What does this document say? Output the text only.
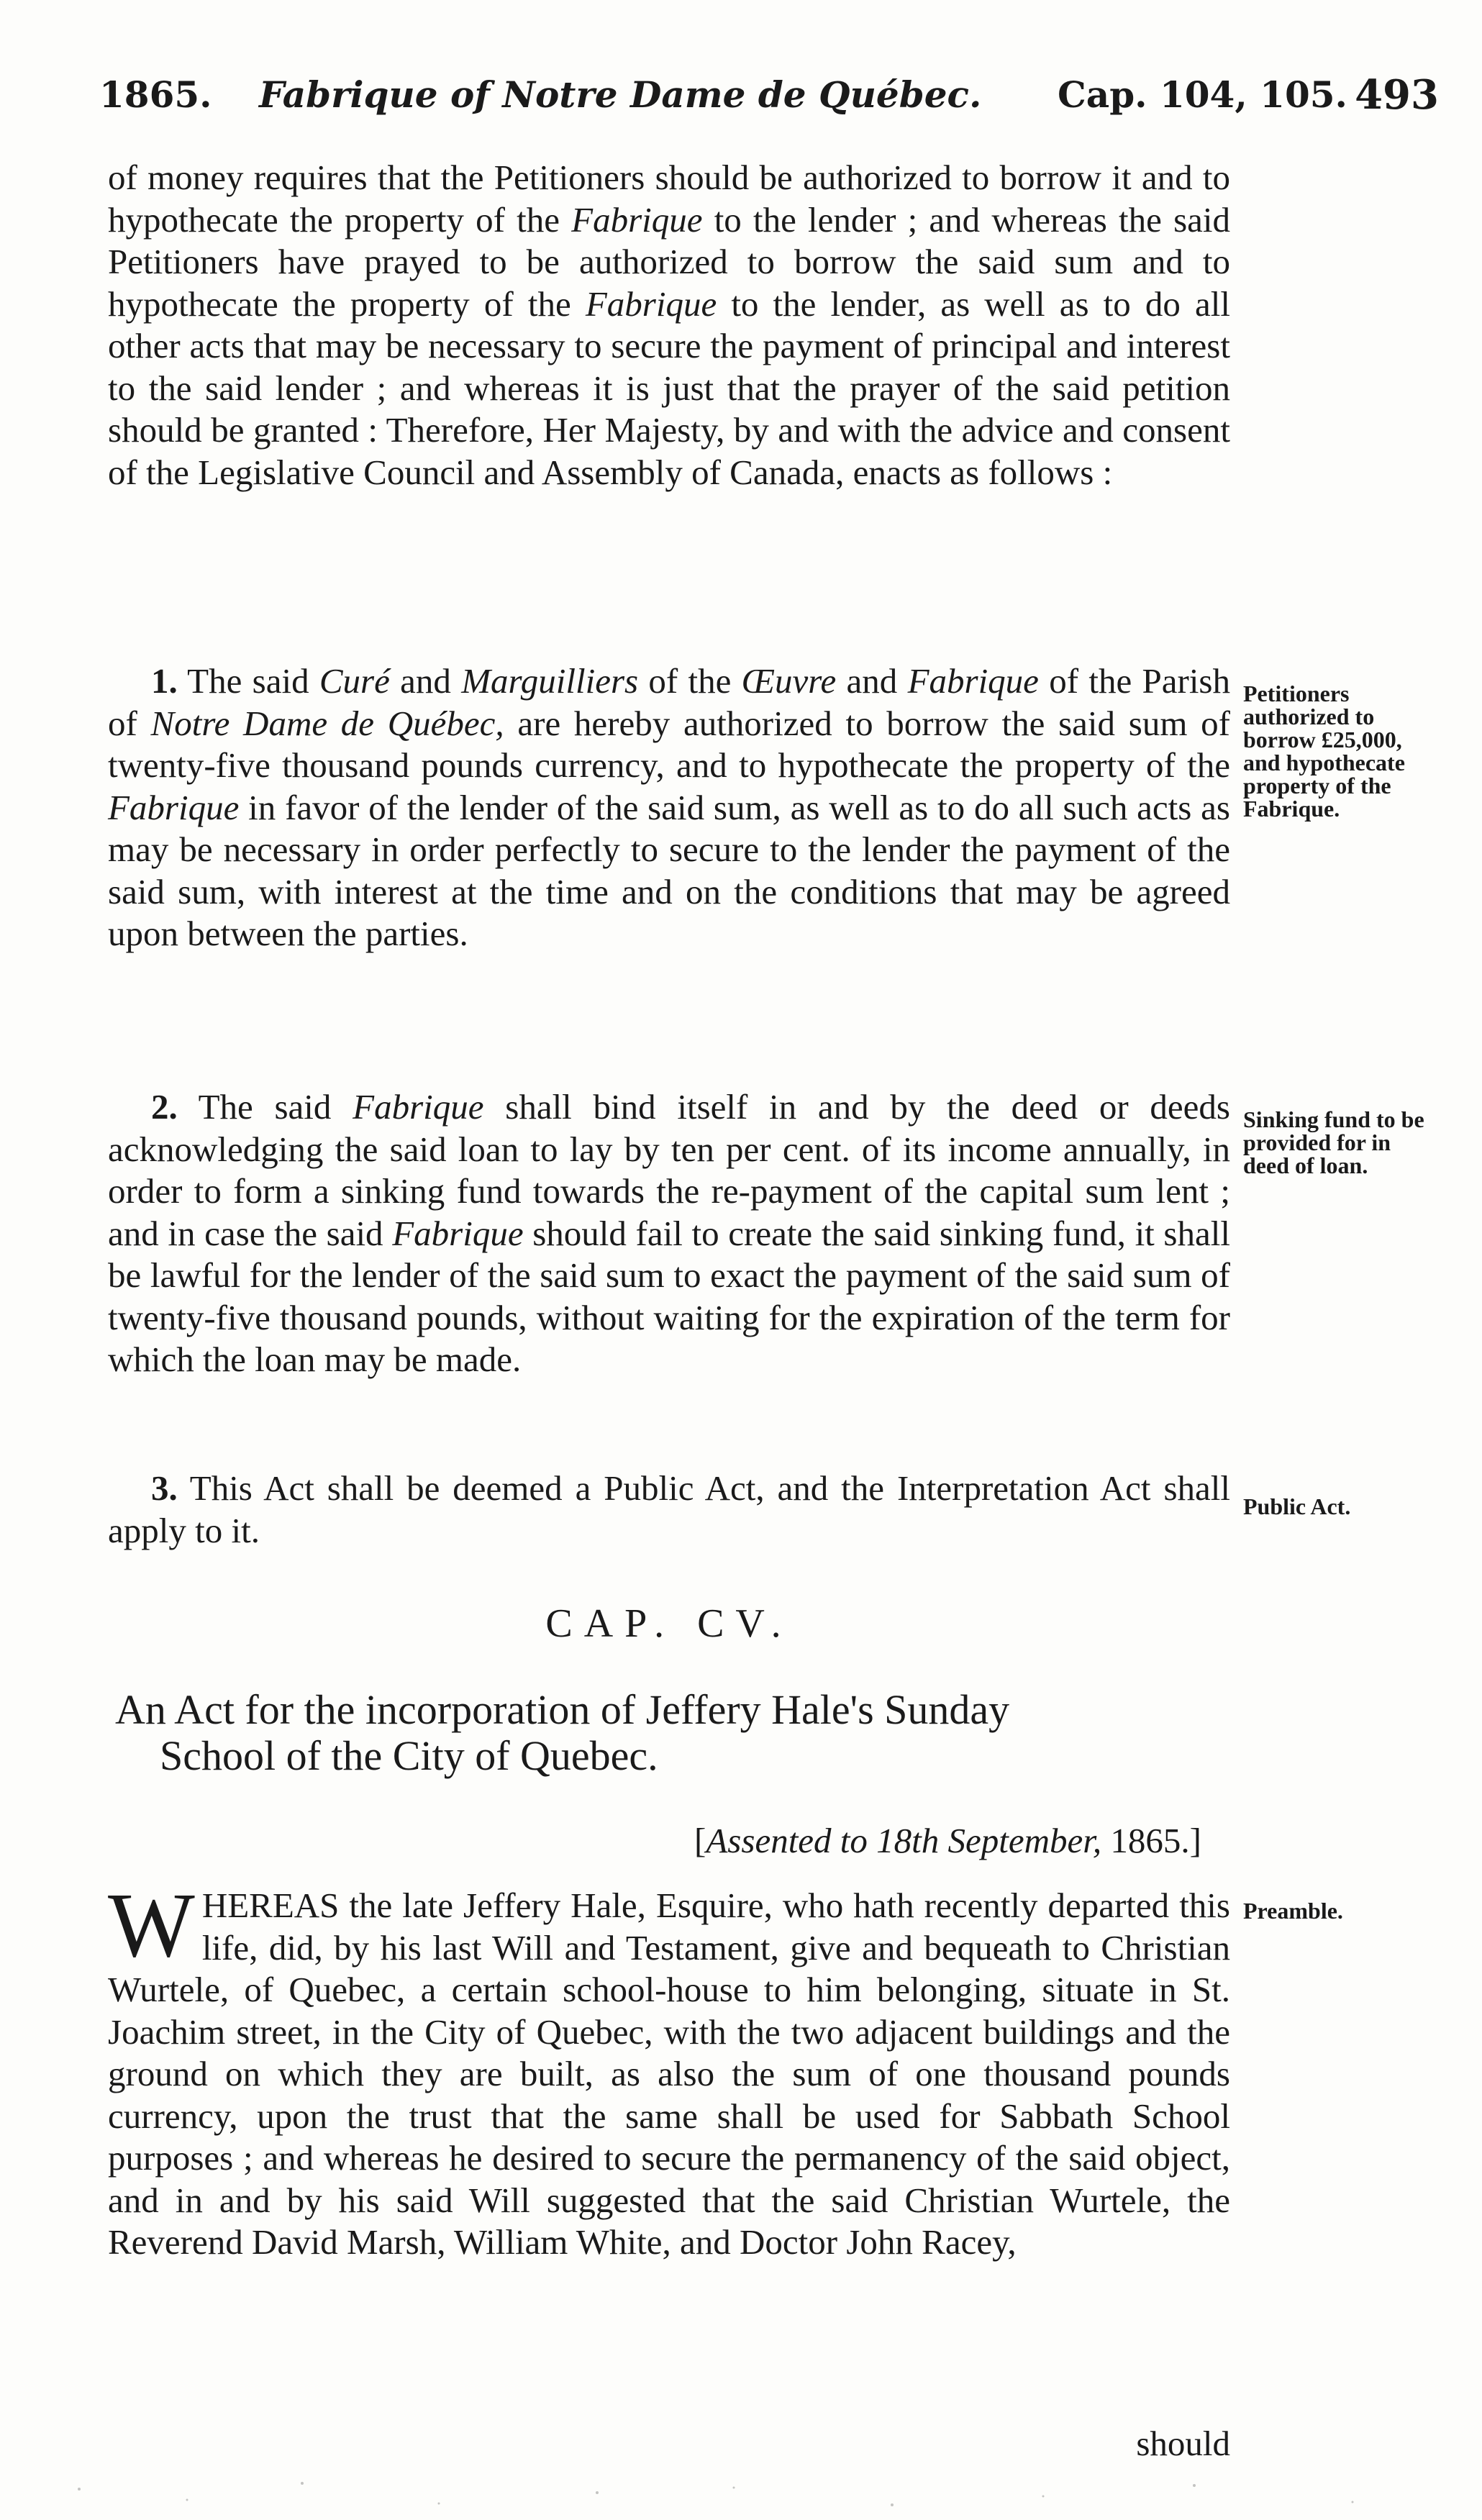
1865. Fabrique of Notre Dame de Québec. Cap. 104, 105. 493

of money requires that the Petitioners should be authorized to borrow it and to hypothecate the property of the Fabrique to the lender ; and whereas the said Petitioners have prayed to be authorized to borrow the said sum and to hypothecate the property of the Fabrique to the lender, as well as to do all other acts that may be necessary to secure the payment of principal and interest to the said lender ; and whereas it is just that the prayer of the said petition should be granted : Therefore, Her Majesty, by and with the advice and consent of the Legislative Council and Assembly of Canada, enacts as follows :

1. The said Curé and Marguilliers of the Œuvre and Fabrique of the Parish of Notre Dame de Québec, are hereby authorized to borrow the said sum of twenty-five thousand pounds currency, and to hypothecate the property of the Fabrique in favor of the lender of the said sum, as well as to do all such acts as may be necessary in order perfectly to secure to the lender the payment of the said sum, with interest at the time and on the conditions that may be agreed upon between the parties.

2. The said Fabrique shall bind itself in and by the deed or deeds acknowledging the said loan to lay by ten per cent. of its income annually, in order to form a sinking fund towards the re-payment of the capital sum lent ; and in case the said Fabrique should fail to create the said sinking fund, it shall be lawful for the lender of the said sum to exact the payment of the said sum of twenty-five thousand pounds, without waiting for the expiration of the term for which the loan may be made.

3. This Act shall be deemed a Public Act, and the Interpretation Act shall apply to it.

Petitioners authorized to borrow £25,000, and hypothecate property of the Fabrique.
Sinking fund to be provided for in deed of loan.
Public Act.
Preamble.
CAP. CV.
An Act for the incorporation of Jeffery Hale's Sunday
School of the City of Quebec.
[Assented to 18th September, 1865.]

WHEREAS the late Jeffery Hale, Esquire, who hath recently departed this life, did, by his last Will and Testament, give and bequeath to Christian Wurtele, of Quebec, a certain school-house to him belonging, situate in St. Joachim street, in the City of Quebec, with the two adjacent buildings and the ground on which they are built, as also the sum of one thousand pounds currency, upon the trust that the same shall be used for Sabbath School purposes ; and whereas he desired to secure the permanency of the said object, and in and by his said Will suggested that the said Christian Wurtele, the Reverend David Marsh, William White, and Doctor John Racey,

should
